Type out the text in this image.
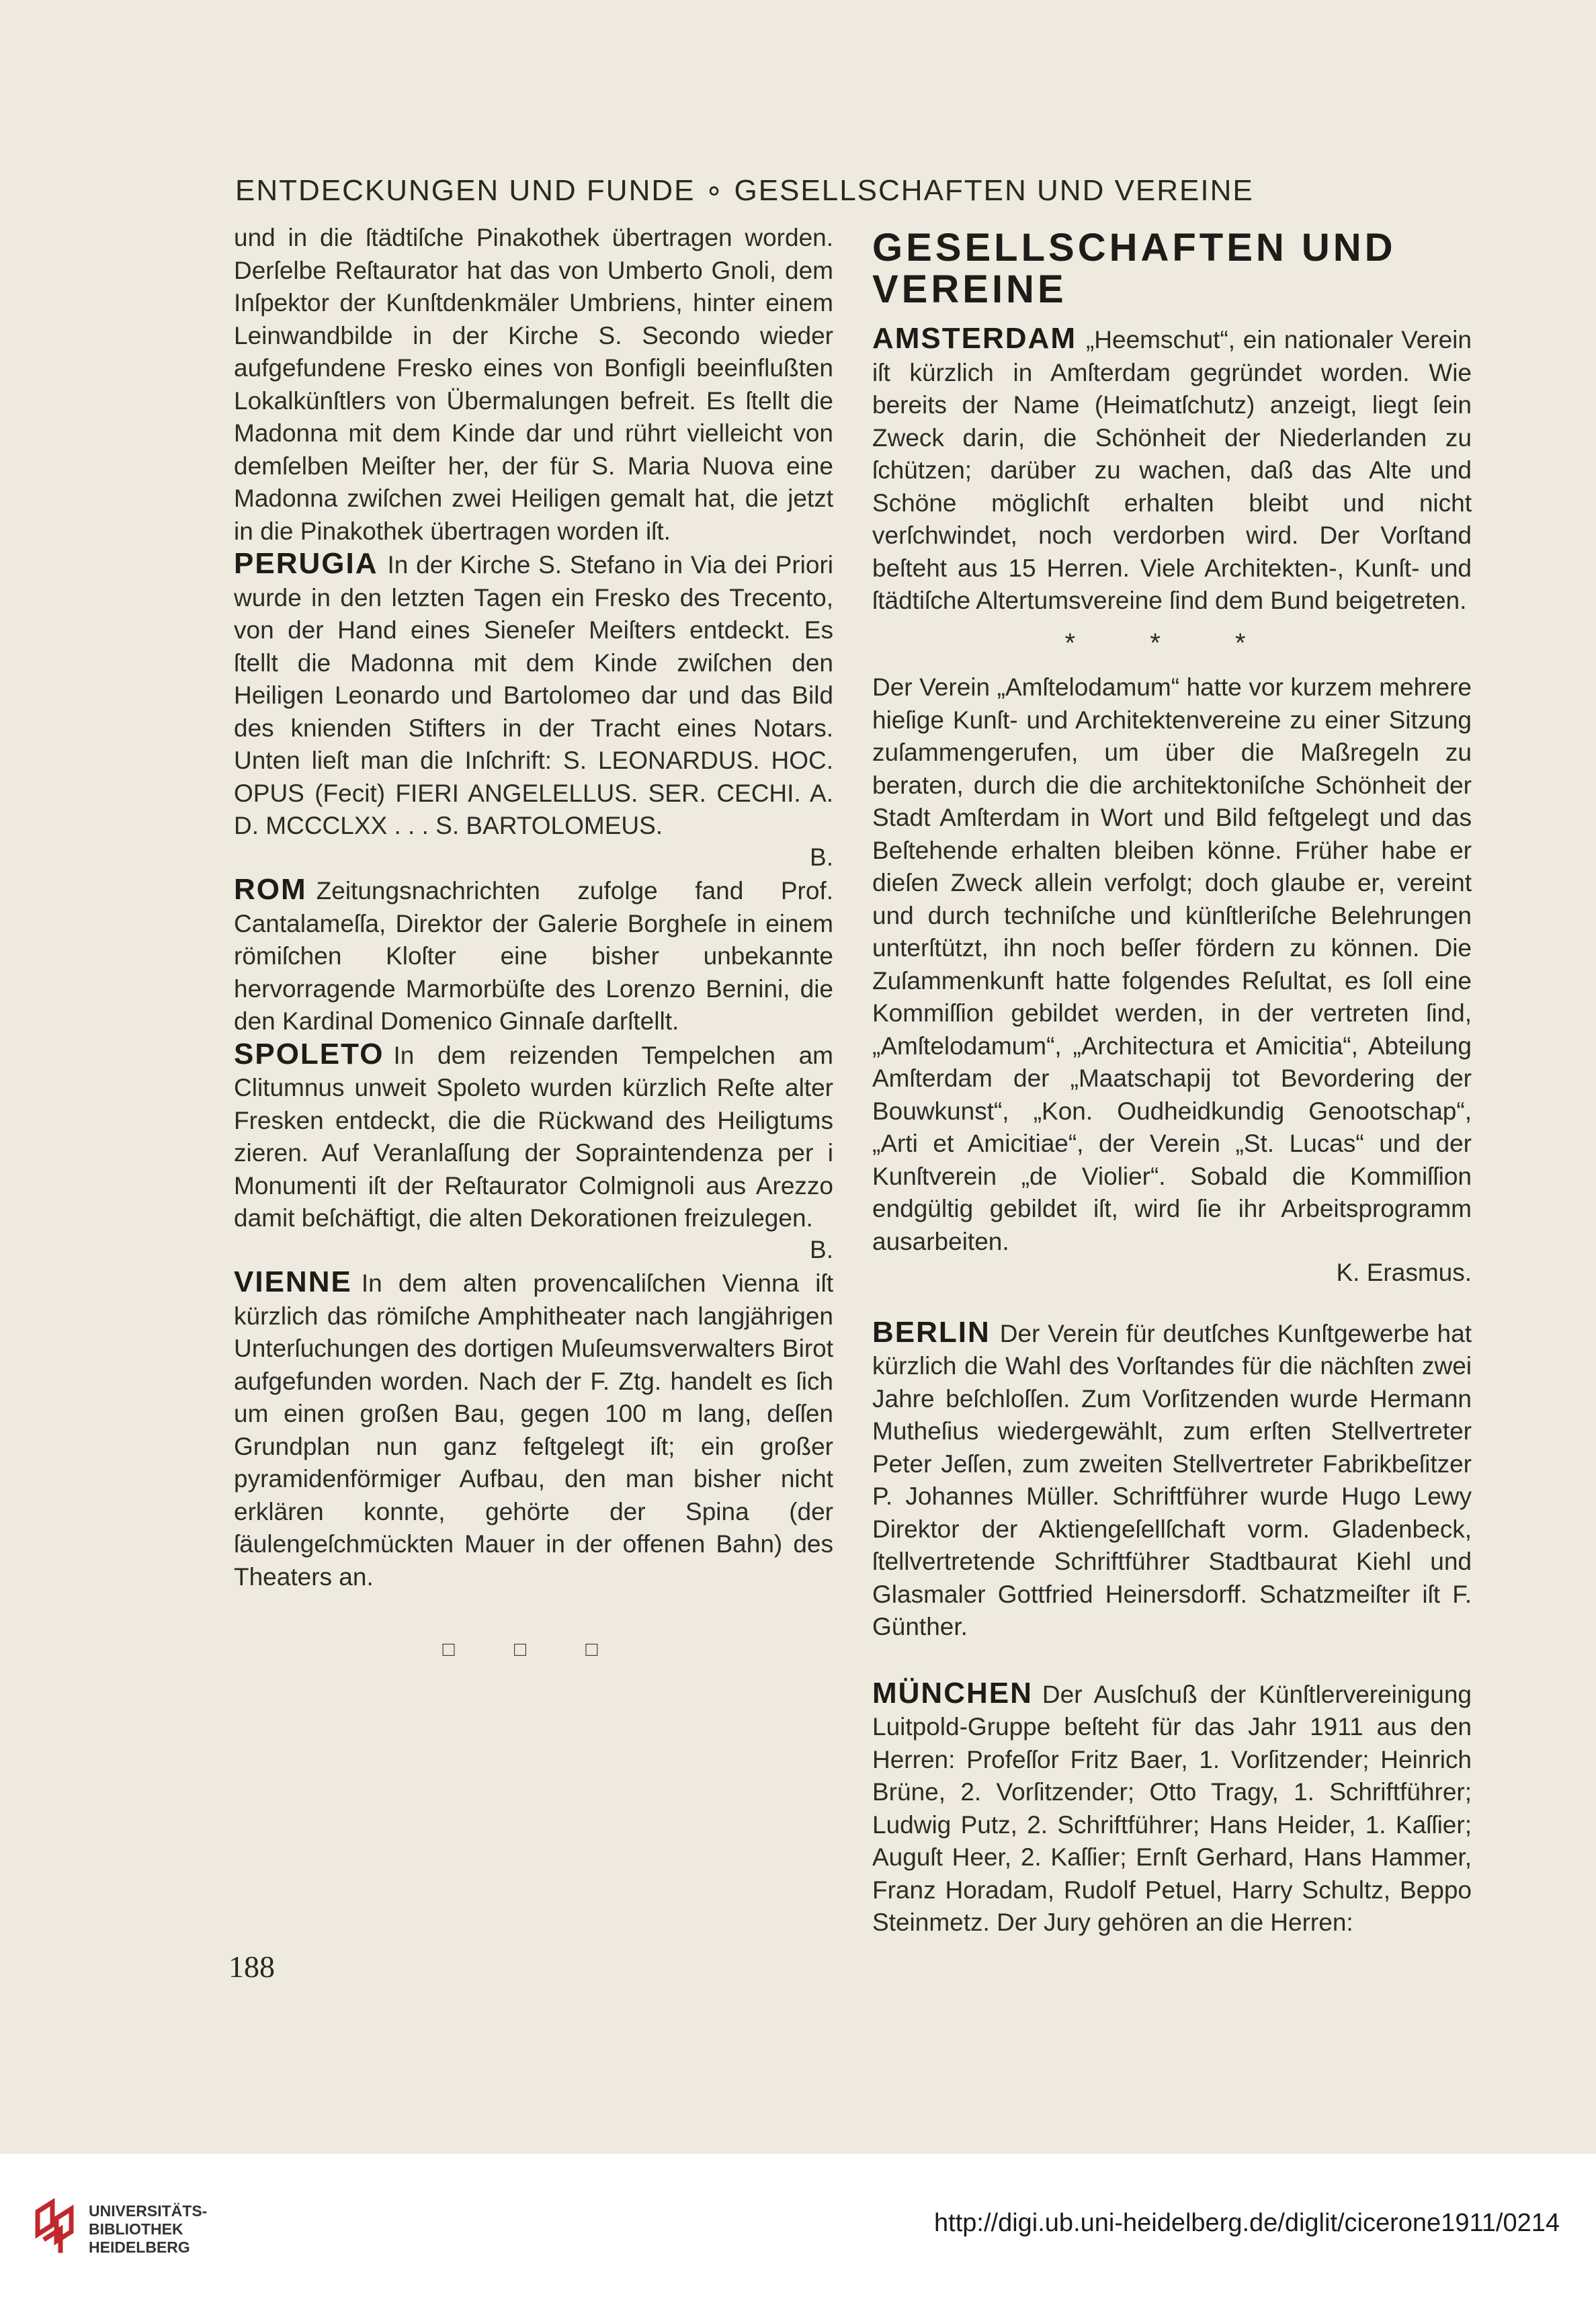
ENTDECKUNGEN UND FUNDE ∘ GESELLSCHAFTEN UND VEREINE

und in die ſtädtiſche Pinakothek übertragen worden. Derſelbe Reſtaurator hat das von Umberto Gnoli, dem Inſpektor der Kunſtdenkmäler Umbriens, hinter einem Leinwandbilde in der Kirche S. Secondo wieder aufgefundene Fresko eines von Bonfigli beeinflußten Lokalkünſtlers von Übermalungen befreit. Es ſtellt die Madonna mit dem Kinde dar und rührt vielleicht von demſelben Meiſter her, der für S. Maria Nuova eine Madonna zwiſchen zwei Heiligen gemalt hat, die jetzt in die Pinakothek übertragen worden iſt.

PERUGIA In der Kirche S. Stefano in Via dei Priori wurde in den letzten Tagen ein Fresko des Trecento, von der Hand eines Sieneſer Meiſters entdeckt. Es ſtellt die Madonna mit dem Kinde zwiſchen den Heiligen Leonardo und Bartolomeo dar und das Bild des knienden Stifters in der Tracht eines Notars. Unten lieſt man die Inſchrift: S. LEONARDUS. HOC. OPUS (Fecit) FIERI ANGELELLUS. SER. CECHI. A. D. MCCCLXX . . . S. BARTOLOMEUS.
B.

ROM Zeitungsnachrichten zufolge fand Prof. Cantalameſſa, Direktor der Galerie Borgheſe in einem römiſchen Kloſter eine bisher unbekannte hervorragende Marmorbüſte des Lorenzo Bernini, die den Kardinal Domenico Ginnaſe darſtellt.

SPOLETO In dem reizenden Tempelchen am Clitumnus unweit Spoleto wurden kürzlich Reſte alter Fresken entdeckt, die die Rückwand des Heiligtums zieren. Auf Veranlaſſung der Sopraintendenza per i Monumenti iſt der Reſtaurator Colmignoli aus Arezzo damit beſchäftigt, die alten Dekorationen freizulegen.
B.

VIENNE In dem alten provencaliſchen Vienna iſt kürzlich das römiſche Amphitheater nach langjährigen Unterſuchungen des dortigen Muſeumsverwalters Birot aufgefunden worden. Nach der F. Ztg. handelt es ſich um einen großen Bau, gegen 100 m lang, deſſen Grundplan nun ganz feſtgelegt iſt; ein großer pyramidenförmiger Aufbau, den man bisher nicht erklären konnte, gehörte der Spina (der ſäulengeſchmückten Mauer in der offenen Bahn) des Theaters an.

□ □ □
GESELLSCHAFTEN UND VEREINE

AMSTERDAM „Heemschut“, ein nationaler Verein iſt kürzlich in Amſterdam gegründet worden. Wie bereits der Name (Heimatſchutz) anzeigt, liegt ſein Zweck darin, die Schönheit der Niederlanden zu ſchützen; darüber zu wachen, daß das Alte und Schöne möglichſt erhalten bleibt und nicht verſchwindet, noch verdorben wird. Der Vorſtand beſteht aus 15 Herren. Viele Architekten-, Kunſt- und ſtädtiſche Altertumsvereine ſind dem Bund beigetreten.

* * *

Der Verein „Amſtelodamum“ hatte vor kurzem mehrere hieſige Kunſt- und Architektenvereine zu einer Sitzung zuſammengerufen, um über die Maßregeln zu beraten, durch die die architektoniſche Schönheit der Stadt Amſterdam in Wort und Bild feſtgelegt und das Beſtehende erhalten bleiben könne. Früher habe er dieſen Zweck allein verfolgt; doch glaube er, vereint und durch techniſche und künſtleriſche Belehrungen unterſtützt, ihn noch beſſer fördern zu können. Die Zuſammenkunft hatte folgendes Reſultat, es ſoll eine Kommiſſion gebildet werden, in der vertreten ſind, „Amſtelodamum“, „Architectura et Amicitia“, Abteilung Amſterdam der „Maatschapij tot Bevordering der Bouwkunst“, „Kon. Oudheidkundig Genootschap“, „Arti et Amicitiae“, der Verein „St. Lucas“ und der Kunſtverein „de Violier“. Sobald die Kommiſſion endgültig gebildet iſt, wird ſie ihr Arbeitsprogramm ausarbeiten.
K. Erasmus.

BERLIN Der Verein für deutſches Kunſtgewerbe hat kürzlich die Wahl des Vorſtandes für die nächſten zwei Jahre beſchloſſen. Zum Vorſitzenden wurde Hermann Mutheſius wiedergewählt, zum erſten Stellvertreter Peter Jeſſen, zum zweiten Stellvertreter Fabrikbeſitzer P. Johannes Müller. Schriftführer wurde Hugo Lewy Direktor der Aktiengeſellſchaft vorm. Gladenbeck, ſtellvertretende Schriftführer Stadtbaurat Kiehl und Glasmaler Gottfried Heinersdorff. Schatzmeiſter iſt F. Günther.

MÜNCHEN Der Ausſchuß der Künſtlervereinigung Luitpold-Gruppe beſteht für das Jahr 1911 aus den Herren: Profeſſor Fritz Baer, 1. Vorſitzender; Heinrich Brüne, 2. Vorſitzender; Otto Tragy, 1. Schriftführer; Ludwig Putz, 2. Schriftführer; Hans Heider, 1. Kaſſier; Auguſt Heer, 2. Kaſſier; Ernſt Gerhard, Hans Hammer, Franz Horadam, Rudolf Petuel, Harry Schultz, Beppo Steinmetz. Der Jury gehören an die Herren:

188
UNIVERSITÄTS-
BIBLIOTHEK
HEIDELBERG
http://digi.ub.uni-heidelberg.de/diglit/cicerone1911/0214
